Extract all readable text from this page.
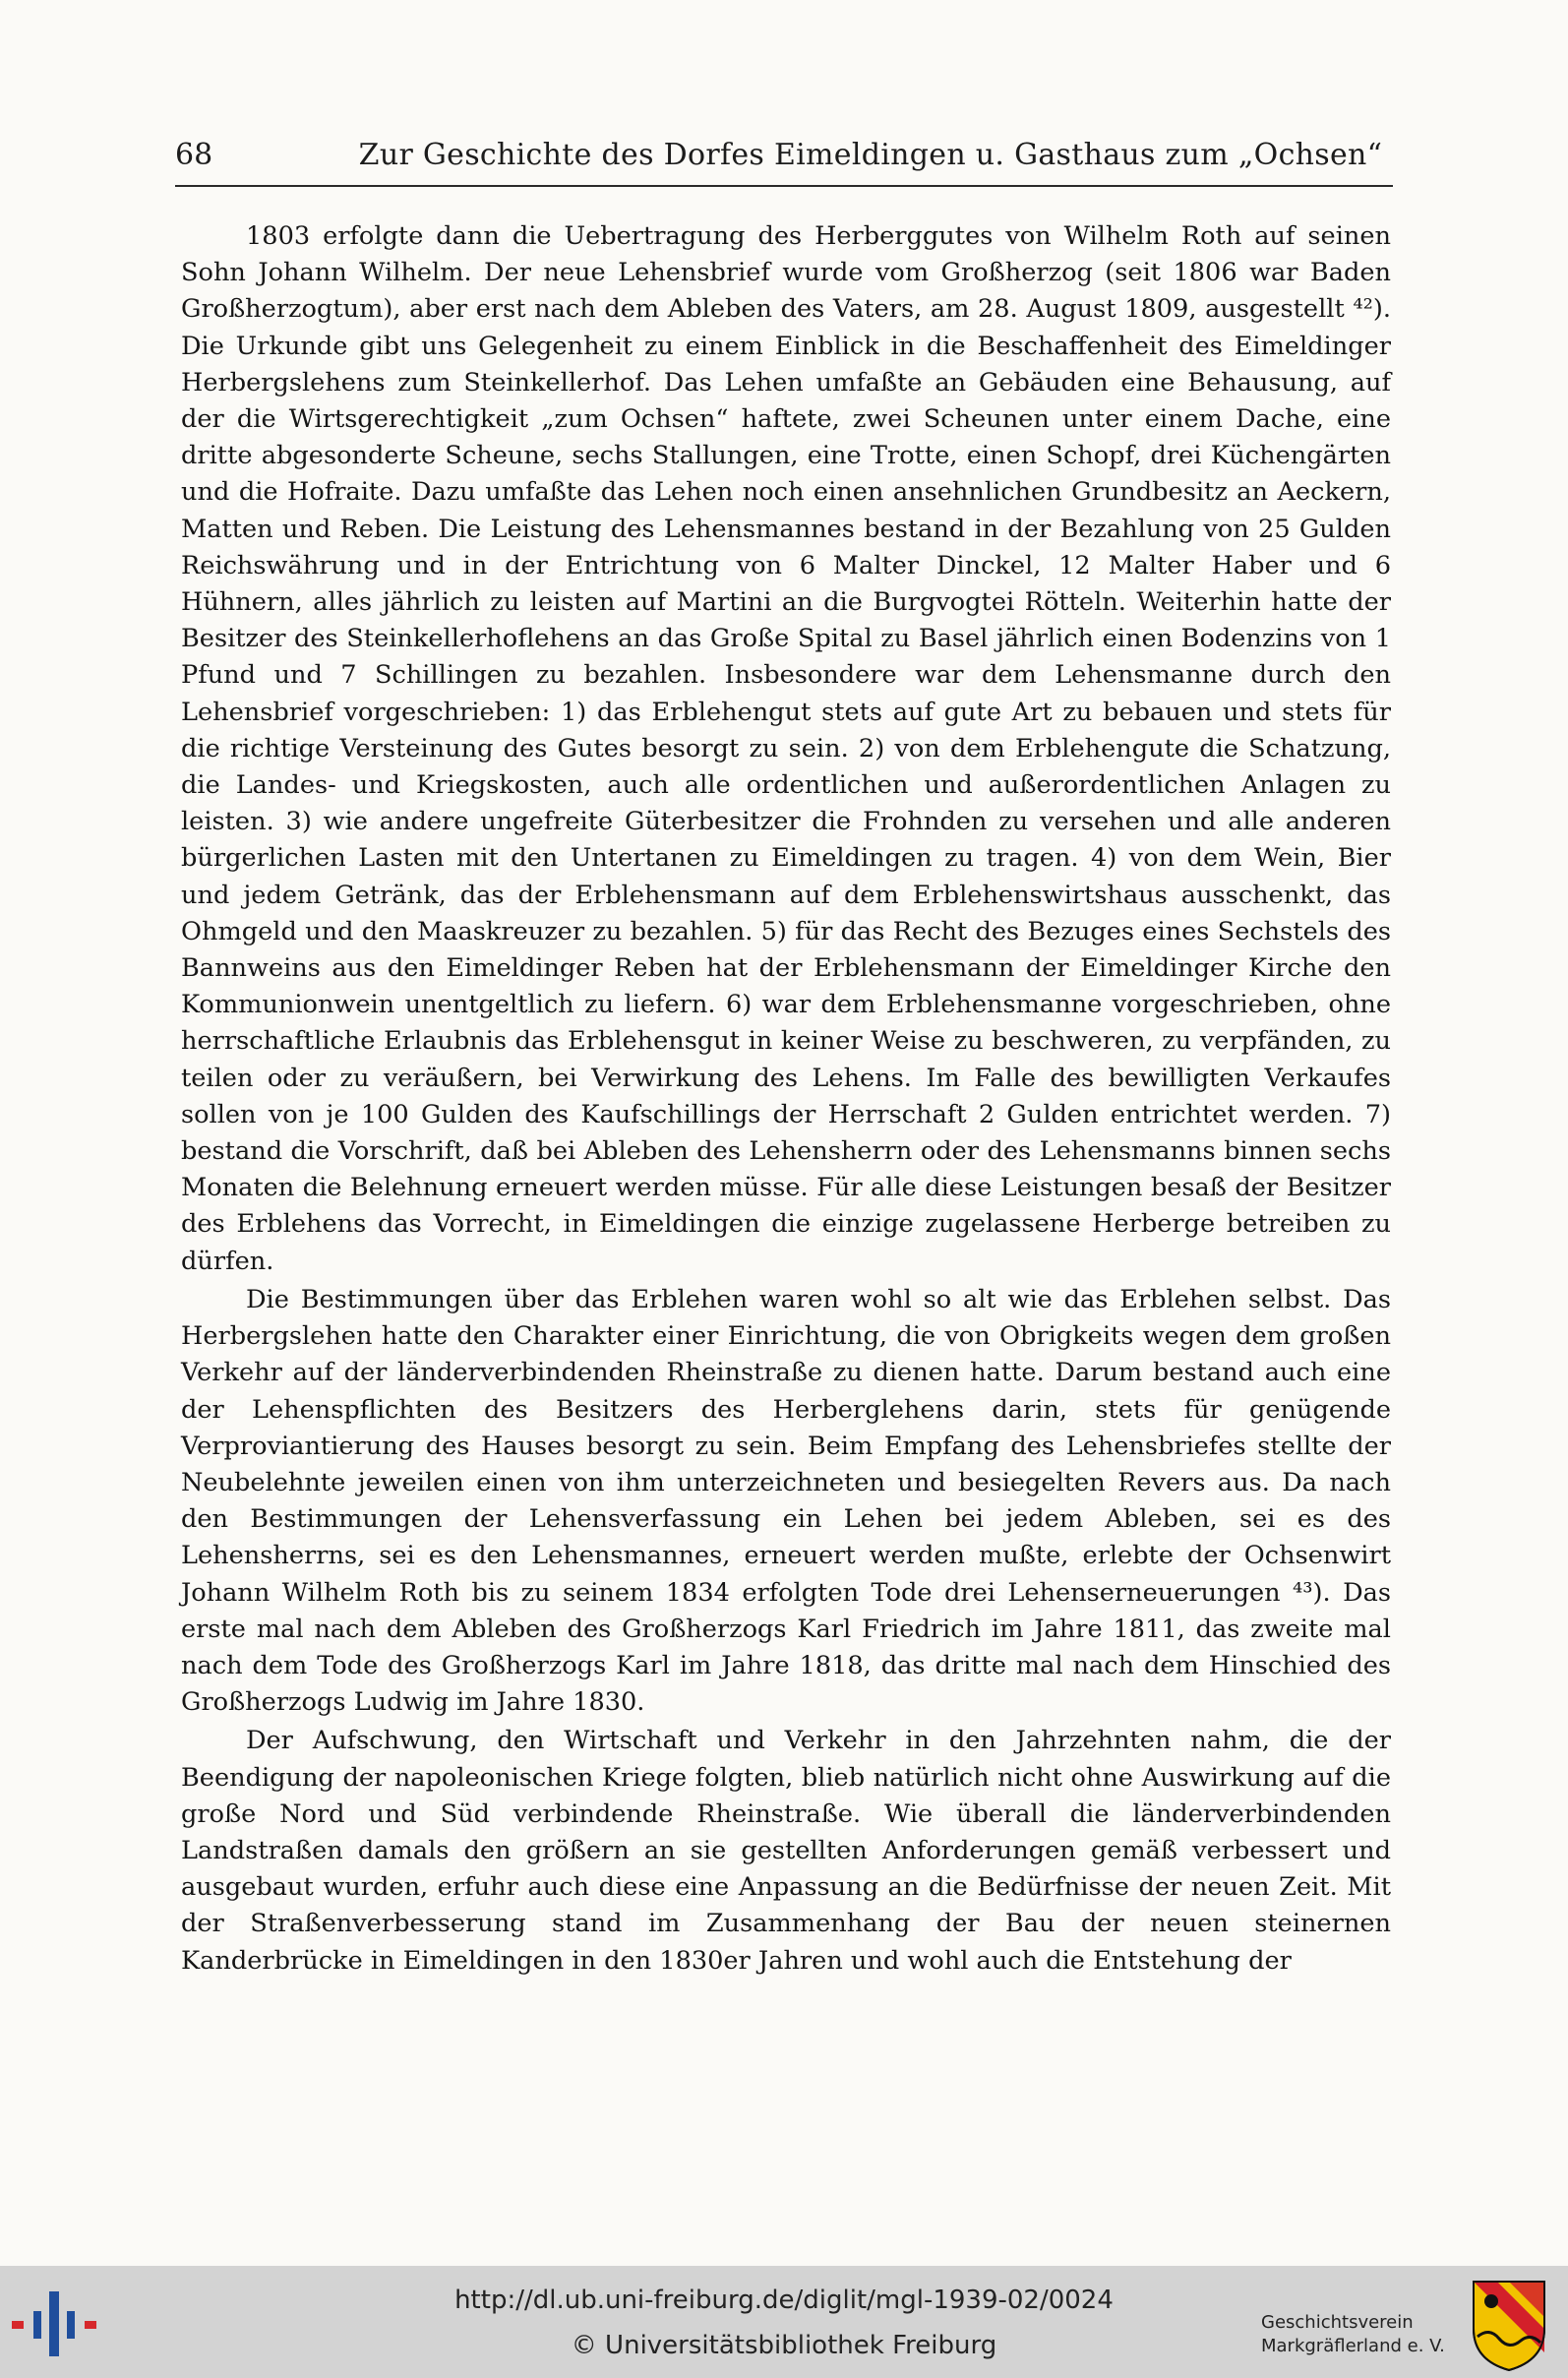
68	Zur Geschichte des Dorfes Eimeldingen u. Gasthaus zum „Ochsen“

1803 erfolgte dann die Uebertragung des Herberggutes von Wilhelm Roth auf seinen Sohn Johann Wilhelm. Der neue Lehensbrief wurde vom Großherzog (seit 1806 war Baden Großherzogtum), aber erst nach dem Ableben des Vaters, am 28. August 1809, ausgestellt ⁴²). Die Urkunde gibt uns Gelegenheit zu einem Einblick in die Beschaffenheit des Eimeldinger Herbergslehens zum Steinkellerhof. Das Lehen umfaßte an Gebäuden eine Behausung, auf der die Wirtsgerechtigkeit „zum Ochsen“ haftete, zwei Scheunen unter einem Dache, eine dritte abgesonderte Scheune, sechs Stallungen, eine Trotte, einen Schopf, drei Küchengärten und die Hofraite. Dazu umfaßte das Lehen noch einen ansehnlichen Grundbesitz an Aeckern, Matten und Reben. Die Leistung des Lehensmannes bestand in der Bezahlung von 25 Gulden Reichswährung und in der Entrichtung von 6 Malter Dinckel, 12 Malter Haber und 6 Hühnern, alles jährlich zu leisten auf Martini an die Burgvogtei Rötteln. Weiterhin hatte der Besitzer des Steinkellerhoflehens an das Große Spital zu Basel jährlich einen Bodenzins von 1 Pfund und 7 Schillingen zu bezahlen. Insbesondere war dem Lehensmanne durch den Lehensbrief vorgeschrieben: 1) das Erblehengut stets auf gute Art zu bebauen und stets für die richtige Versteinung des Gutes besorgt zu sein. 2) von dem Erblehengute die Schatzung, die Landes- und Kriegskosten, auch alle ordentlichen und außerordentlichen Anlagen zu leisten. 3) wie andere ungefreite Güterbesitzer die Frohnden zu versehen und alle anderen bürgerlichen Lasten mit den Untertanen zu Eimeldingen zu tragen. 4) von dem Wein, Bier und jedem Getränk, das der Erblehensmann auf dem Erblehenswirtshaus ausschenkt, das Ohmgeld und den Maaskreuzer zu bezahlen. 5) für das Recht des Bezuges eines Sechstels des Bannweins aus den Eimeldinger Reben hat der Erblehensmann der Eimeldinger Kirche den Kommunionwein unentgeltlich zu liefern. 6) war dem Erblehensmanne vorgeschrieben, ohne herrschaftliche Erlaubnis das Erblehensgut in keiner Weise zu beschweren, zu verpfänden, zu teilen oder zu veräußern, bei Verwirkung des Lehens. Im Falle des bewilligten Verkaufes sollen von je 100 Gulden des Kaufschillings der Herrschaft 2 Gulden entrichtet werden. 7) bestand die Vorschrift, daß bei Ableben des Lehensherrn oder des Lehensmanns binnen sechs Monaten die Belehnung erneuert werden müsse. Für alle diese Leistungen besaß der Besitzer des Erblehens das Vorrecht, in Eimeldingen die einzige zugelassene Herberge betreiben zu dürfen.

Die Bestimmungen über das Erblehen waren wohl so alt wie das Erblehen selbst. Das Herbergslehen hatte den Charakter einer Einrichtung, die von Obrigkeits wegen dem großen Verkehr auf der länderverbindenden Rheinstraße zu dienen hatte. Darum bestand auch eine der Lehenspflichten des Besitzers des Herberglehens darin, stets für genügende Verproviantierung des Hauses besorgt zu sein. Beim Empfang des Lehensbriefes stellte der Neubelehnte jeweilen einen von ihm unterzeichneten und besiegelten Revers aus. Da nach den Bestimmungen der Lehensverfassung ein Lehen bei jedem Ableben, sei es des Lehensherrns, sei es den Lehensmannes, erneuert werden mußte, erlebte der Ochsenwirt Johann Wilhelm Roth bis zu seinem 1834 erfolgten Tode drei Lehenserneuerungen ⁴³). Das erste mal nach dem Ableben des Großherzogs Karl Friedrich im Jahre 1811, das zweite mal nach dem Tode des Großherzogs Karl im Jahre 1818, das dritte mal nach dem Hinschied des Großherzogs Ludwig im Jahre 1830.

Der Aufschwung, den Wirtschaft und Verkehr in den Jahrzehnten nahm, die der Beendigung der napoleonischen Kriege folgten, blieb natürlich nicht ohne Auswirkung auf die große Nord und Süd verbindende Rheinstraße. Wie überall die länderverbindenden Landstraßen damals den größern an sie gestellten Anforderungen gemäß verbessert und ausgebaut wurden, erfuhr auch diese eine Anpassung an die Bedürfnisse der neuen Zeit. Mit der Straßenverbesserung stand im Zusammenhang der Bau der neuen steinernen Kanderbrücke in Eimeldingen in den 1830er Jahren und wohl auch die Entstehung der

http://dl.ub.uni-freiburg.de/diglit/mgl-1939-02/0024
© Universitätsbibliothek Freiburg
Geschichtsverein
Markgräflerland e. V.
